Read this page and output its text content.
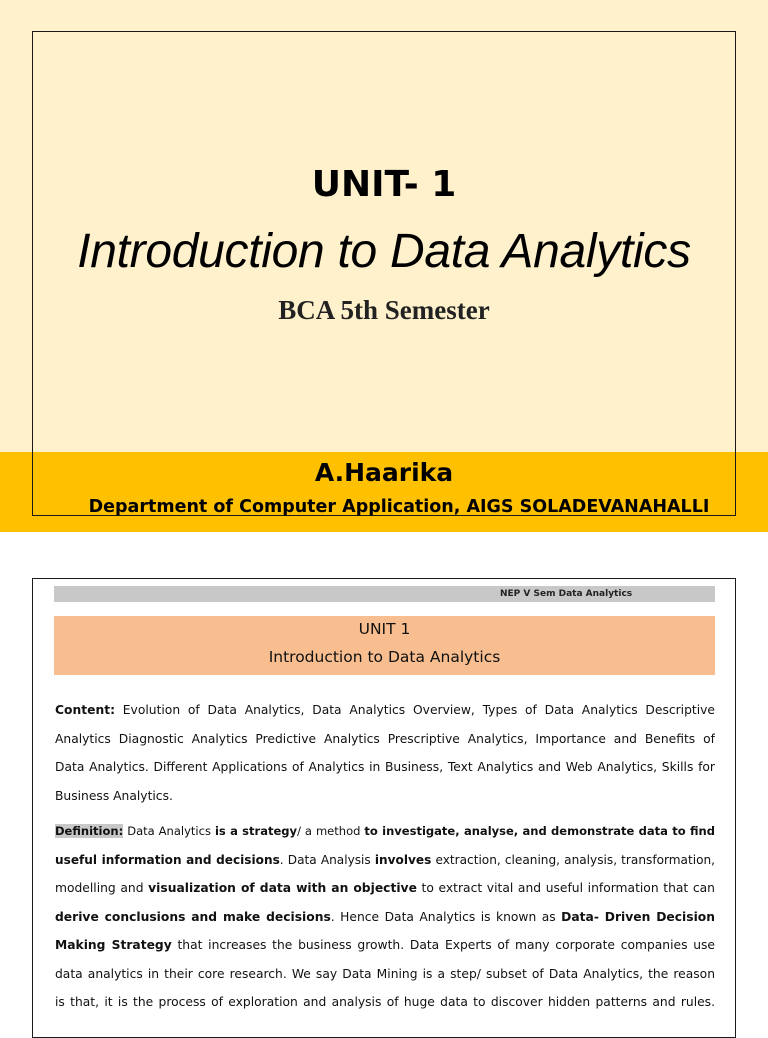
UNIT- 1
Introduction to Data Analytics
BCA 5th Semester
A.Haarika
Department of Computer Application, AIGS SOLADEVANAHALLI
NEP V Sem Data Analytics
UNIT 1
Introduction to Data Analytics
Content: Evolution of Data Analytics, Data Analytics Overview, Types of Data Analytics Descriptive
Analytics Diagnostic Analytics Predictive Analytics Prescriptive Analytics, Importance and Benefits of
Data Analytics. Different Applications of Analytics in Business, Text Analytics and Web Analytics, Skills for
Business Analytics.
Definition: Data Analytics is a strategy/ a method to investigate, analyse, and demonstrate data to find
useful information and decisions. Data Analysis involves extraction, cleaning, analysis, transformation,
modelling and visualization of data with an objective to extract vital and useful information that can
derive conclusions and make decisions. Hence Data Analytics is known as Data- Driven Decision
Making Strategy that increases the business growth. Data Experts of many corporate companies use
data analytics in their core research. We say Data Mining is a step/ subset of Data Analytics, the reason
is that, it is the process of exploration and analysis of huge data to discover hidden patterns and rules.
